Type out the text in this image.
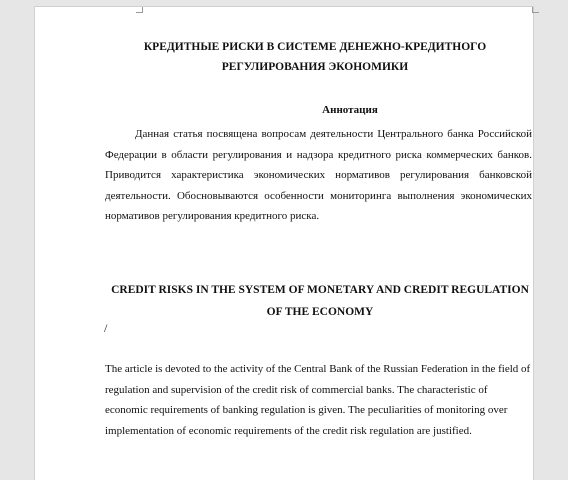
КРЕДИТНЫЕ РИСКИ В СИСТЕМЕ ДЕНЕЖНО-КРЕДИТНОГО РЕГУЛИРОВАНИЯ ЭКОНОМИКИ
Аннотация

Данная статья посвящена вопросам деятельности Центрального банка Российской Федерации в области регулирования и надзора кредитного риска коммерческих банков. Приводится характеристика экономических нормативов регулирования банковской деятельности. Обосновываются особенности мониторинга выполнения экономических нормативов регулирования кредитного риска.

CREDIT RISKS IN THE SYSTEM OF MONETARY AND CREDIT REGULATION OF THE ECONOMY
/

The article is devoted to the activity of the Central Bank of the Russian Federation in the field of regulation and supervision of the credit risk of commercial banks. The characteristic of economic requirements of banking regulation is given. The peculiarities of monitoring over implementation of economic requirements of the credit risk regulation are justified.
